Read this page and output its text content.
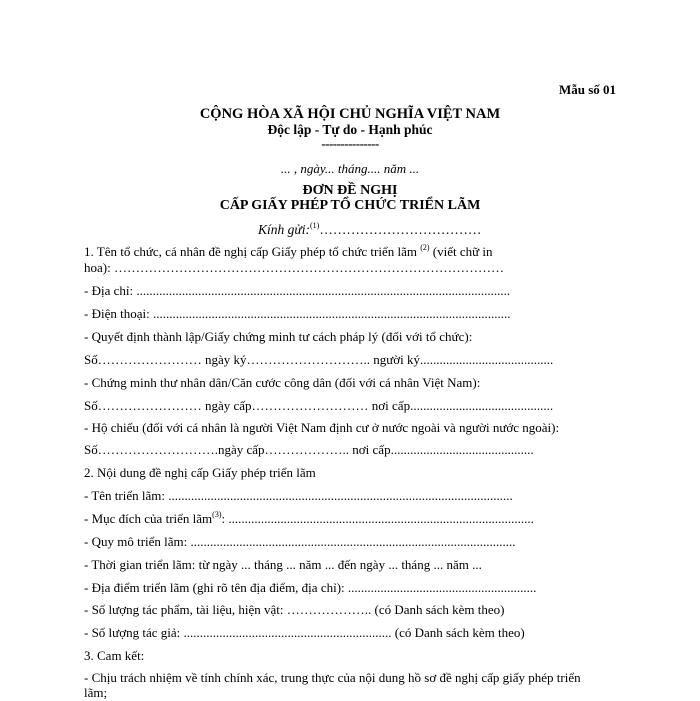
Mẫu số 01
CỘNG HÒA XÃ HỘI CHỦ NGHĨA VIỆT NAM
Độc lập - Tự do - Hạnh phúc
---------------
... , ngày... tháng.... năm ...
ĐƠN ĐỀ NGHỊ
CẤP GIẤY PHÉP TỔ CHỨC TRIỂN LÃM
Kính gửi:$^{(1)}$………………………………
1. Tên tổ chức, cá nhân đề nghị cấp Giấy phép tổ chức triển lãm $^{(2)}$ (viết chữ in
hoa): ………………………………………………………………………………
- Địa chỉ: ...................................................................................................................
- Điện thoại: ..............................................................................................................
- Quyết định thành lập/Giấy chứng minh tư cách pháp lý (đối với tổ chức):
Số…………………… ngày ký……………………….. người ký.........................................
- Chứng minh thư nhân dân/Căn cước công dân (đối với cá nhân Việt Nam):
Số…………………… ngày cấp……………………… nơi cấp............................................
- Hộ chiếu (đối với cá nhân là người Việt Nam định cư ở nước ngoài và người nước ngoài):
Số……………………….ngày cấp……………….. nơi cấp............................................
2. Nội dung đề nghị cấp Giấy phép triển lãm
- Tên triển lãm: ..........................................................................................................
- Mục đích của triển lãm$^{(3)}$: ..............................................................................................
- Quy mô triển lãm: ....................................................................................................
- Thời gian triển lãm: từ ngày ... tháng ... năm ... đến ngày ... tháng ... năm ...
- Địa điểm triển lãm (ghi rõ tên địa điểm, địa chỉ): ..........................................................
- Số lượng tác phẩm, tài liệu, hiện vật: ……………….. (có Danh sách kèm theo)
- Số lượng tác giả: ................................................................ (có Danh sách kèm theo)
3. Cam kết:
- Chịu trách nhiệm về tính chính xác, trung thực của nội dung hồ sơ đề nghị cấp giấy phép triển
lãm;
